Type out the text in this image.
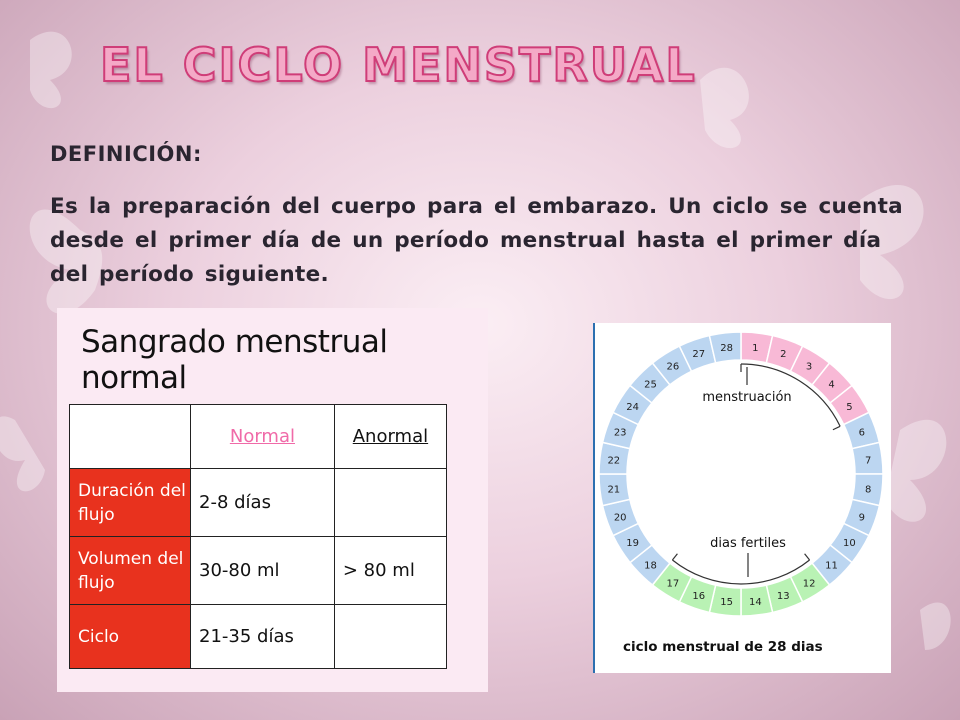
EL CICLO MENSTRUAL
DEFINICIÓN:
Es la preparación del cuerpo para el embarazo. Un ciclo se cuenta desde el primer día de un período menstrual hasta el primer día del período siguiente.
Sangrado menstrual normal
	Normal	Anormal
Duración del flujo	2-8 días	
Volumen del flujo	30-80 ml	> 80 ml
Ciclo	21-35 días	
1
2
3
4
5
6
7
8
9
10
11
12
13
14
15
16
17
18
19
20
21
22
23
24
25
26
27
28
menstruación
dias fertiles
ciclo menstrual de 28 dias
